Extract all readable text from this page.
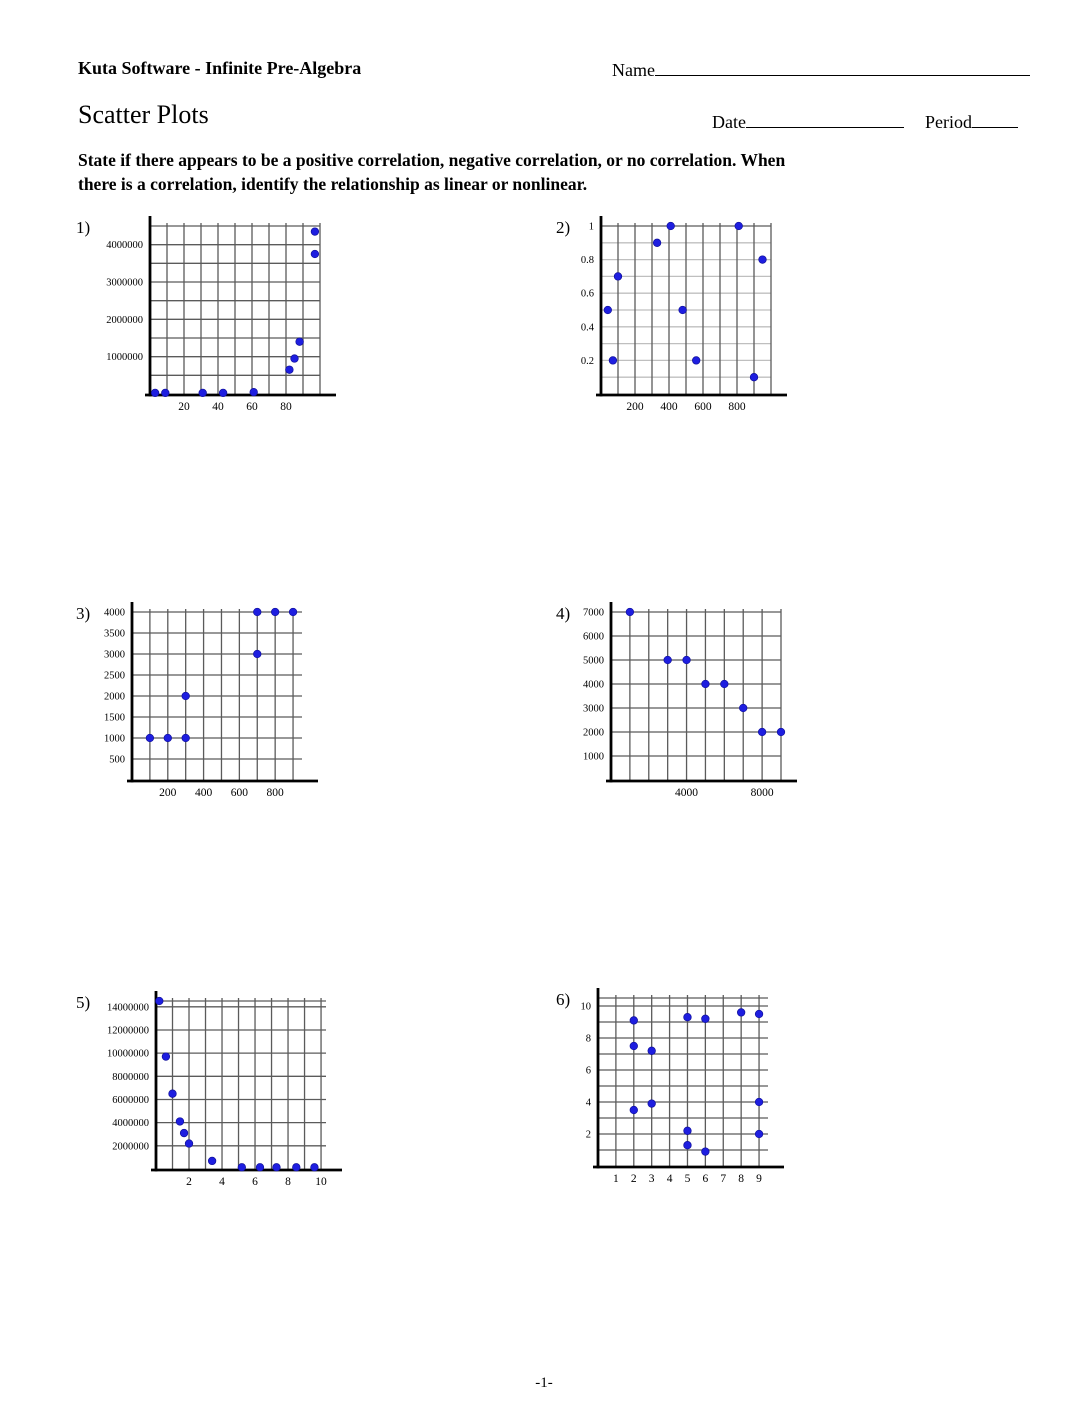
Kuta Software - Infinite Pre-Algebra	Name
Scatter Plots	Date	Period
State if there appears to be a positive correlation, negative correlation, or no correlation. When
there is a correlation, identify the relationship as linear or nonlinear.
1)
20 40 60 80
1000000
2000000
3000000
4000000
2)
200 400 600 800
0.2
0.4
0.6
0.8
1
3)
200 400 600 800
500
1000
1500
2000
2500
3000
3500
4000	4)
4000	8000
1000
2000
3000
4000
5000
6000
7000
5)
2 4 6 8 10
2000000
4000000
6000000
8000000
10000000
12000000
14000000	6)
1 2 3 4 5 6 7 8 9
2
4
6
8
10
-1-
